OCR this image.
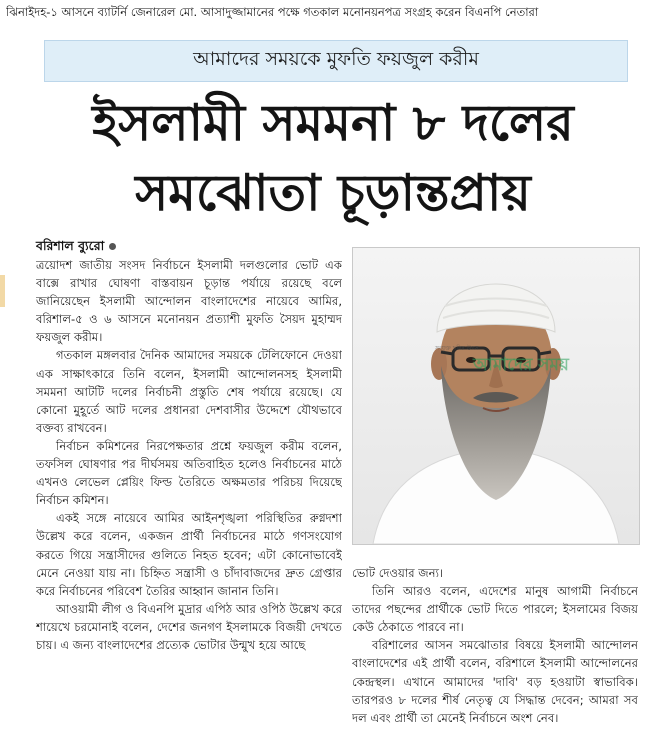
ঝিনাইদহ-১ আসনে ব্যাটর্নি জেনারেল মো. আসাদুজ্জামানের পক্ষে গতকাল মনোনয়নপত্র সংগ্রহ করেন বিএনপি নেতারা
আমাদের সময়কে মুফতি ফয়জুল করীম
ইসলামী সমমনা ৮ দলের
সমঝোতা চূড়ান্তপ্রায়
বরিশাল ব্যুরো

ত্রয়োদশ জাতীয় সংসদ নির্বাচনে ইসলামী দলগুলোর ভোট এক বাক্সে রাখার ঘোষণা বাস্তবায়ন চূড়ান্ত পর্যায়ে রয়েছে বলে জানিয়েছেন ইসলামী আন্দোলন বাংলাদেশের নায়েবে আমির, বরিশাল-৫ ও ৬ আসনে মনোনয়ন প্রত্যাশী মুফতি সৈয়দ মুহাম্মদ ফয়জুল করীম।

গতকাল মঙ্গলবার দৈনিক আমাদের সময়কে টেলিফোনে দেওয়া এক সাক্ষাৎকারে তিনি বলেন, ইসলামী আন্দোলনসহ ইসলামী সমমনা আটটি দলের নির্বাচনী প্রস্তুতি শেষ পর্যায়ে রয়েছে। যে কোনো মুহূর্তে আট দলের প্রধানরা দেশবাসীর উদ্দেশে যৌথভাবে বক্তব্য রাখবেন।

নির্বাচন কমিশনের নিরপেক্ষতার প্রশ্নে ফয়জুল করীম বলেন, তফসিল ঘোষণার পর দীর্ঘসময় অতিবাহিত হলেও নির্বাচনের মাঠে এখনও লেভেল প্লেয়িং ফিল্ড তৈরিতে অক্ষমতার পরিচয় দিয়েছে নির্বাচন কমিশন।

একই সঙ্গে নায়েবে আমির আইনশৃঙ্খলা পরিস্থিতির রুগ্নদশা উল্লেখ করে বলেন, একজন প্রার্থী নির্বাচনের মাঠে গণসংযোগ করতে গিয়ে সন্ত্রাসীদের গুলিতে নিহত হবেন; এটা কোনোভাবেই মেনে নেওয়া যায় না। চিহ্নিত সন্ত্রাসী ও চাঁদাবাজদের দ্রুত গ্রেপ্তার করে নির্বাচনের পরিবেশ তৈরির আহ্বান জানান তিনি।

আওয়ামী লীগ ও বিএনপি মুদ্রার এপিঠ আর ওপিঠ উল্লেখ করে শায়েখে চরমোনাই বলেন, দেশের জনগণ ইসলামকে বিজয়ী দেখতে চায়। এ জন্য বাংলাদেশের প্রত্যেক ভোটার উন্মুখ হয়ে আছে

সংযুক্ত ছবির উৎস
আমাদের সময়

ভোট দেওয়ার জন্য।

তিনি আরও বলেন, এদেশের মানুষ আগামী নির্বাচনে তাদের পছন্দের প্রার্থীকে ভোট দিতে পারলে; ইসলামের বিজয় কেউ ঠেকাতে পারবে না।

বরিশালের আসন সমঝোতার বিষয়ে ইসলামী আন্দোলন বাংলাদেশের এই প্রার্থী বলেন, বরিশালে ইসলামী আন্দোলনের কেন্দ্রস্থল। এখানে আমাদের 'দাবি' বড় হওয়াটা স্বাভাবিক। তারপরও ৮ দলের শীর্ষ নেতৃত্ব যে সিদ্ধান্ত দেবেন; আমরা সব দল এবং প্রার্থী তা মেনেই নির্বাচনে অংশ নেব।
